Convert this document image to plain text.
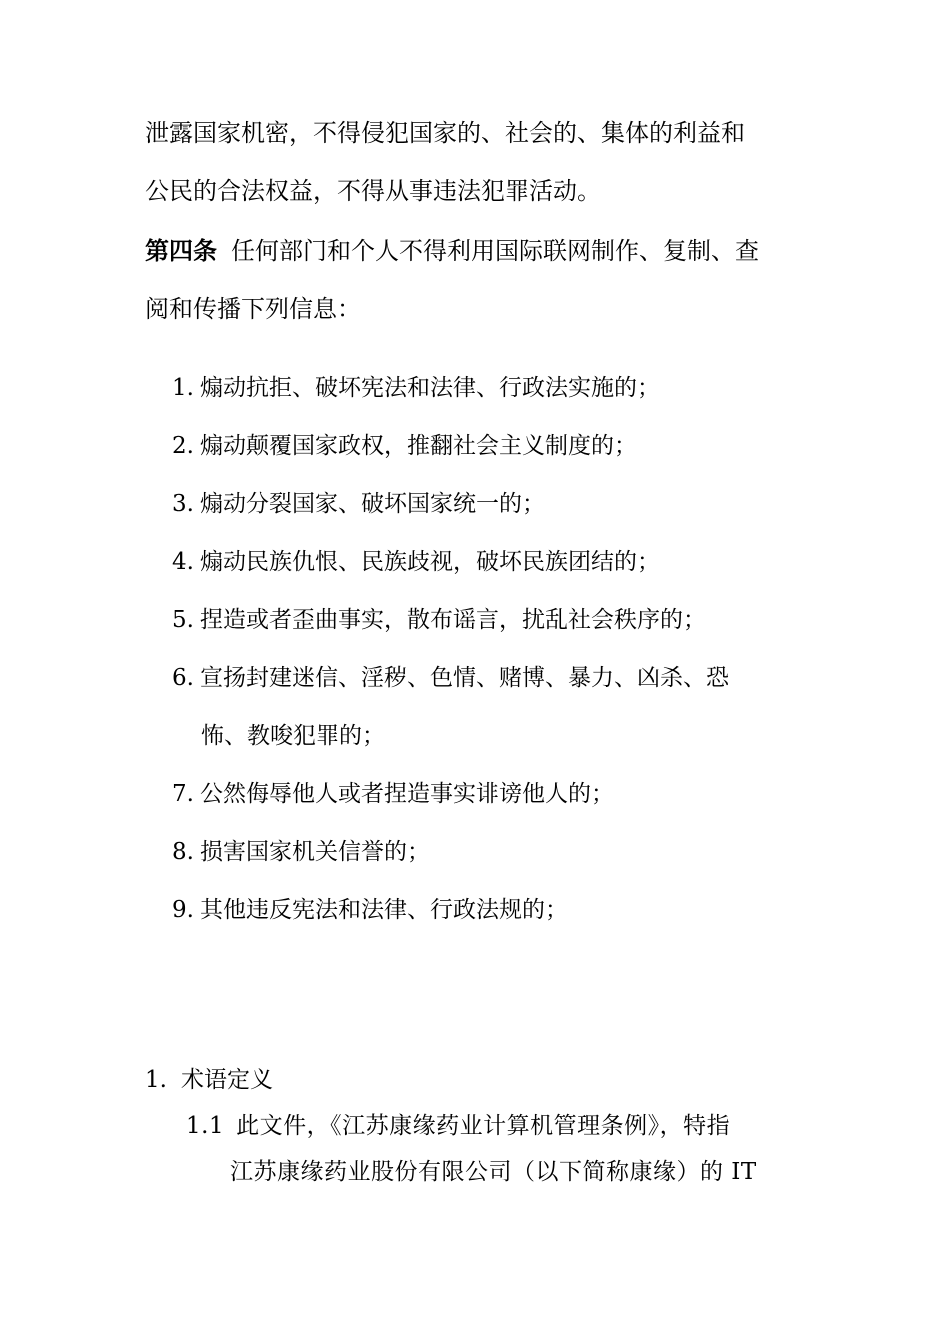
泄露国家机密，不得侵犯国家的、社会的、集体的利益和
公民的合法权益，不得从事违法犯罪活动。
第四条 任何部门和个人不得利用国际联网制作、复制、查
阅和传播下列信息：
1. 煽动抗拒、破坏宪法和法律、行政法实施的；
2. 煽动颠覆国家政权，推翻社会主义制度的；
3. 煽动分裂国家、破坏国家统一的；
4. 煽动民族仇恨、民族歧视，破坏民族团结的；
5. 捏造或者歪曲事实，散布谣言，扰乱社会秩序的；
6. 宣扬封建迷信、淫秽、色情、赌博、暴力、凶杀、恐
怖、教唆犯罪的；
7. 公然侮辱他人或者捏造事实诽谤他人的；
8. 损害国家机关信誉的；
9. 其他违反宪法和法律、行政法规的；
1. 术语定义
1.1 此文件，《江苏康缘药业计算机管理条例》，特指
江苏康缘药业股份有限公司（以下简称康缘）的 IT
